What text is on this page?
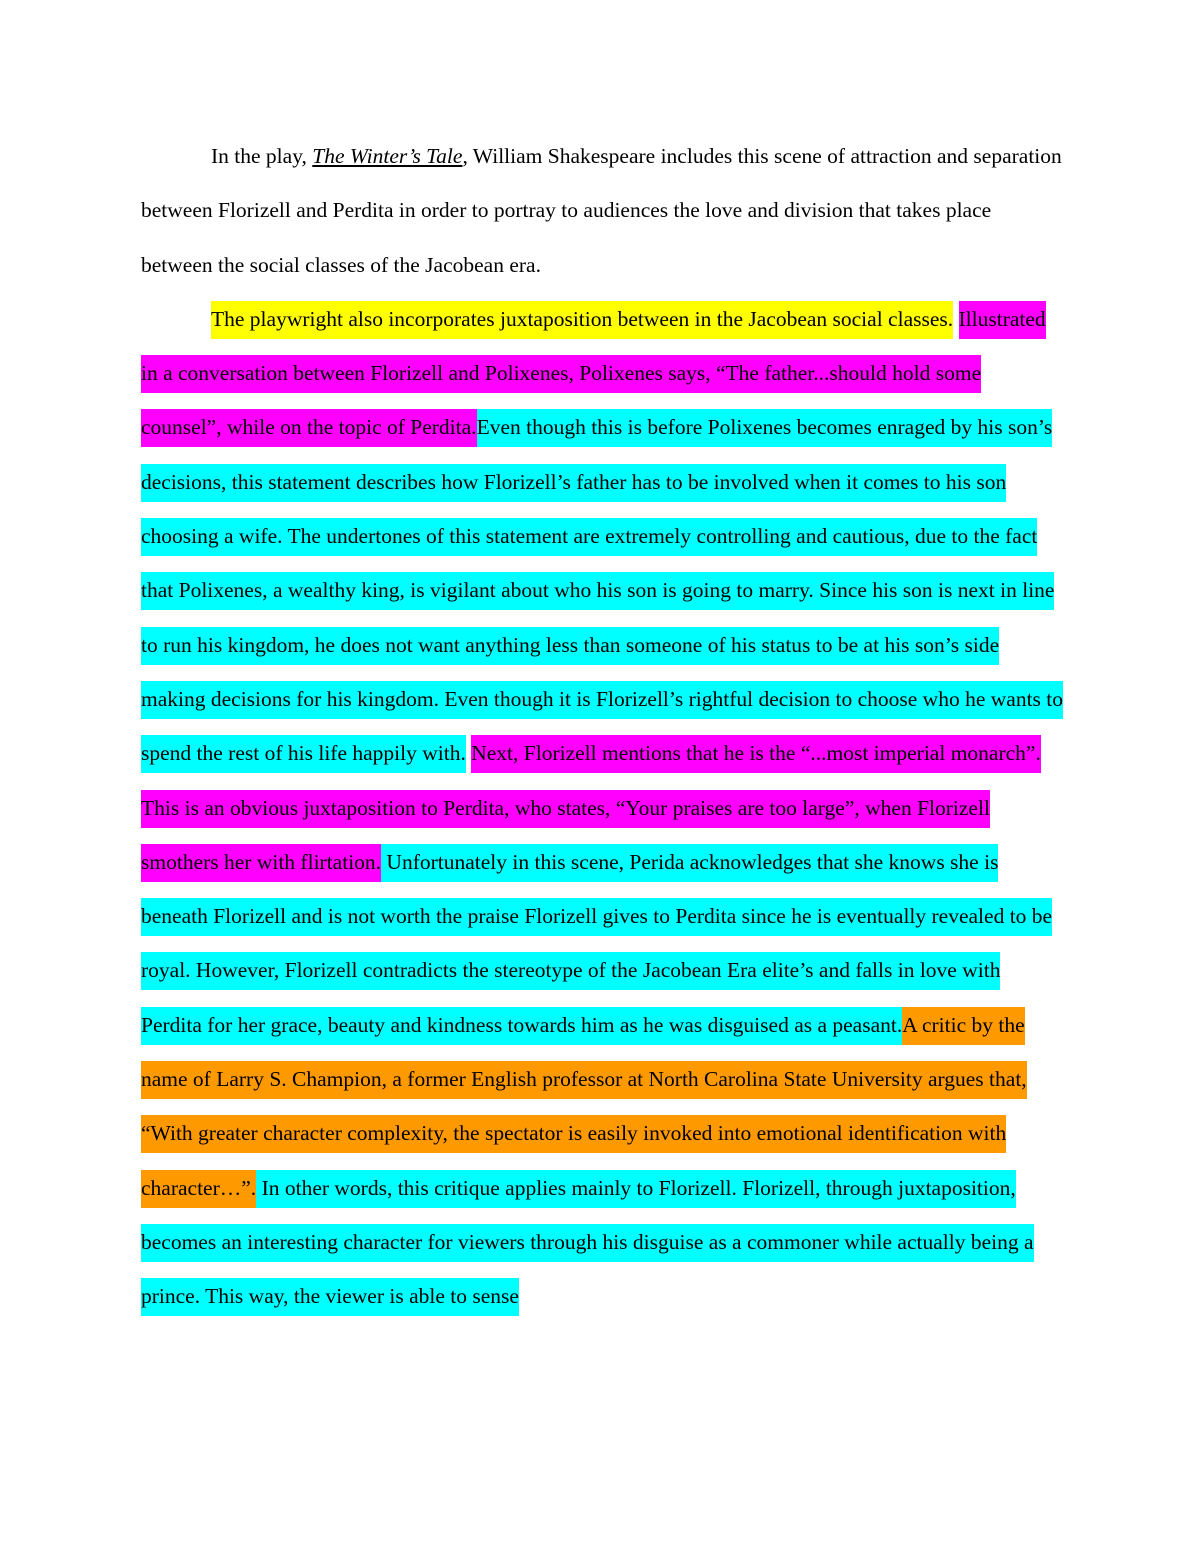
In the play, The Winter’s Tale, William Shakespeare includes this scene of attraction and separation between Florizell and Perdita in order to portray to audiences the love and division that takes place between the social classes of the Jacobean era.

The playwright also incorporates juxtaposition between in the Jacobean social classes. Illustrated in a conversation between Florizell and Polixenes, Polixenes says, “The father...should hold some counsel”, while on the topic of Perdita.Even though this is before Polixenes becomes enraged by his son’s decisions, this statement describes how Florizell’s father has to be involved when it comes to his son choosing a wife. The undertones of this statement are extremely controlling and cautious, due to the fact that Polixenes, a wealthy king, is vigilant about who his son is going to marry. Since his son is next in line to run his kingdom, he does not want anything less than someone of his status to be at his son’s side making decisions for his kingdom. Even though it is Florizell’s rightful decision to choose who he wants to spend the rest of his life happily with. Next, Florizell mentions that he is the “...most imperial monarch”. This is an obvious juxtaposition to Perdita, who states, “Your praises are too large”, when Florizell smothers her with flirtation. Unfortunately in this scene, Perida acknowledges that she knows she is beneath Florizell and is not worth the praise Florizell gives to Perdita since he is eventually revealed to be royal. However, Florizell contradicts the stereotype of the Jacobean Era elite’s and falls in love with Perdita for her grace, beauty and kindness towards him as he was disguised as a peasant.A critic by the name of Larry S. Champion, a former English professor at North Carolina State University argues that, “With greater character complexity, the spectator is easily invoked into emotional identification with character…”. In other words, this critique applies mainly to Florizell. Florizell, through juxtaposition, becomes an interesting character for viewers through his disguise as a commoner while actually being a prince. This way, the viewer is able to sense
